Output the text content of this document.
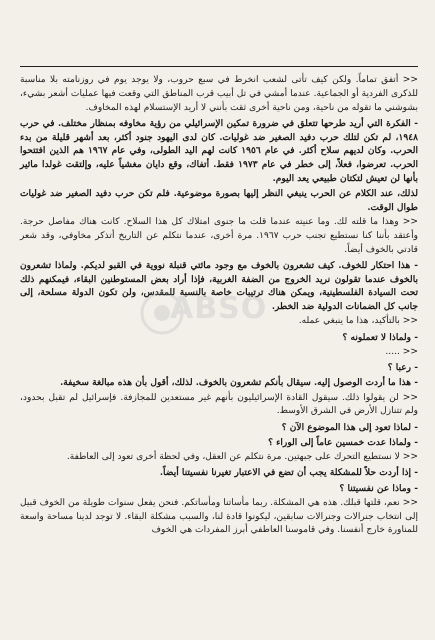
<< أتفق تماماً. ولكن كيف تأتى لشعب انخرط في سبع حروب، ولا يوجد يوم في روزنامته بلا مناسبة للذكرى الفردية أو الجماعية. عندما أمشي في تل أبيب قرب المناطق التي وقعت فيها عمليات أشعر بشيء، بشوشني ما تقوله من ناحية، ومن ناحية أخرى ثقت بأنني لا أريد الإستسلام لهذه المخاوف.

- الفكرة التي أريد طرحها تتعلق في ضرورة تمكين الإسرائيلي من رؤية مخاوفه بمنظار مختلف. في حرب ١٩٤٨، لم تكن لتلك حرب دفيد الصغير ضد غوليات. كان لدى اليهود جنود أكثر، بعد أشهر قليلة من بدء الحرب. وكان لديهم سلاح أكثر. في عام ١٩٥٦ كانت لهم اليد الطولى، وفي عام ١٩٦٧ هم الذين افتتحوا الحرب. تعرضوا، فعلاً، إلى خطر في عام ١٩٧٣ فقط. أتفاك، وقع دايان مغشياً عليه، وإلتقت غولدا مائير بأنها لن تعيش لتكتان طبيعي يعد اليوم.

لذلك، عند الكلام عن الحرب ينبغي النظر إليها بصورة موضوعية. فلم تكن حرب دفيد الصغير ضد غوليات طوال الوقت.

<< وهذا ما قلته لك. وما عنيته عندما قلت ما جنوى امتلاك كل هذا السلاح. كانت هناك مفاصل حرجة. وأعتقد بأننا كنا نستطيع تجنب حرب ١٩٦٧. مرة أخرى، عندما نتكلم عن التاريخ أتذكر مخاوفي، وقد شعر قادتي بالخوف أيضاً.

- هذا احتكار للخوف. كيف تشعرون بالخوف مع وجود مائتي قنبلة نووية في القبو لديكم. ولماذا تشعرون بالخوف عندما تقولون نريد الخروج من الضفة الغربية، فإذا أراد بعض المستوطنين البقاء، فيمكنهم ذلك تحت السيادة الفلسطينية، ويمكن هناك ترتيبات خاصة بالنسبة للمقدس، ولن تكون الدولة مسلحة، إلى جانب كل الضمانات الدولية ضد الخطر.

<< بالتأكيد، هذا ما ينبغي عمله.

- ولماذا لا تعملونه ؟

<< .....

- رعبا ؟

- هذا ما أردت الوصول إليه. سيقال بأنكم تشعرون بالخوف. لذلك، أقول بأن هذه مبالغة سخيفة.

<< لن يقولوا ذلك. سيقول القادة الإسرائيليون بأنهم غير مستعدين للمجازفة. فإسرائيل لم تقبل بحدود، ولم تتنازل الأرض في الشرق الأوسط.

- لماذا تعود إلى هذا الموضوع الآن ؟

- ولماذا عدت خمسين عاماً إلى الوراء ؟

<< لا نستطيع التحرك على جبهتين. مرة نتكلم عن العقل، وفي لحظة أخرى تعود إلى العاطفة.

- إذا أردت حلاً للمشكلة يجب أن تضع في الاعتبار تغيرنا نفسيتنا أيضاً.

- وماذا عن نفسيتنا ؟

<< نعم، قلتها قبلك. هذه هي المشكلة. ربما مأساتنا ومأساتكم. فنحن يفعل سنوات طويلة من الخوف قبيل إلى انتخاب جنرالات وجنرالات سابقين، ليكونوا قادة لنا، والسبب مشكلة البقاء. لا توجد لدينا مساحة واسعة للمناورة خارج أنفسنا. وفي قاموسنا العاطفي أبرز المفردات هي الخوف

ABSO
